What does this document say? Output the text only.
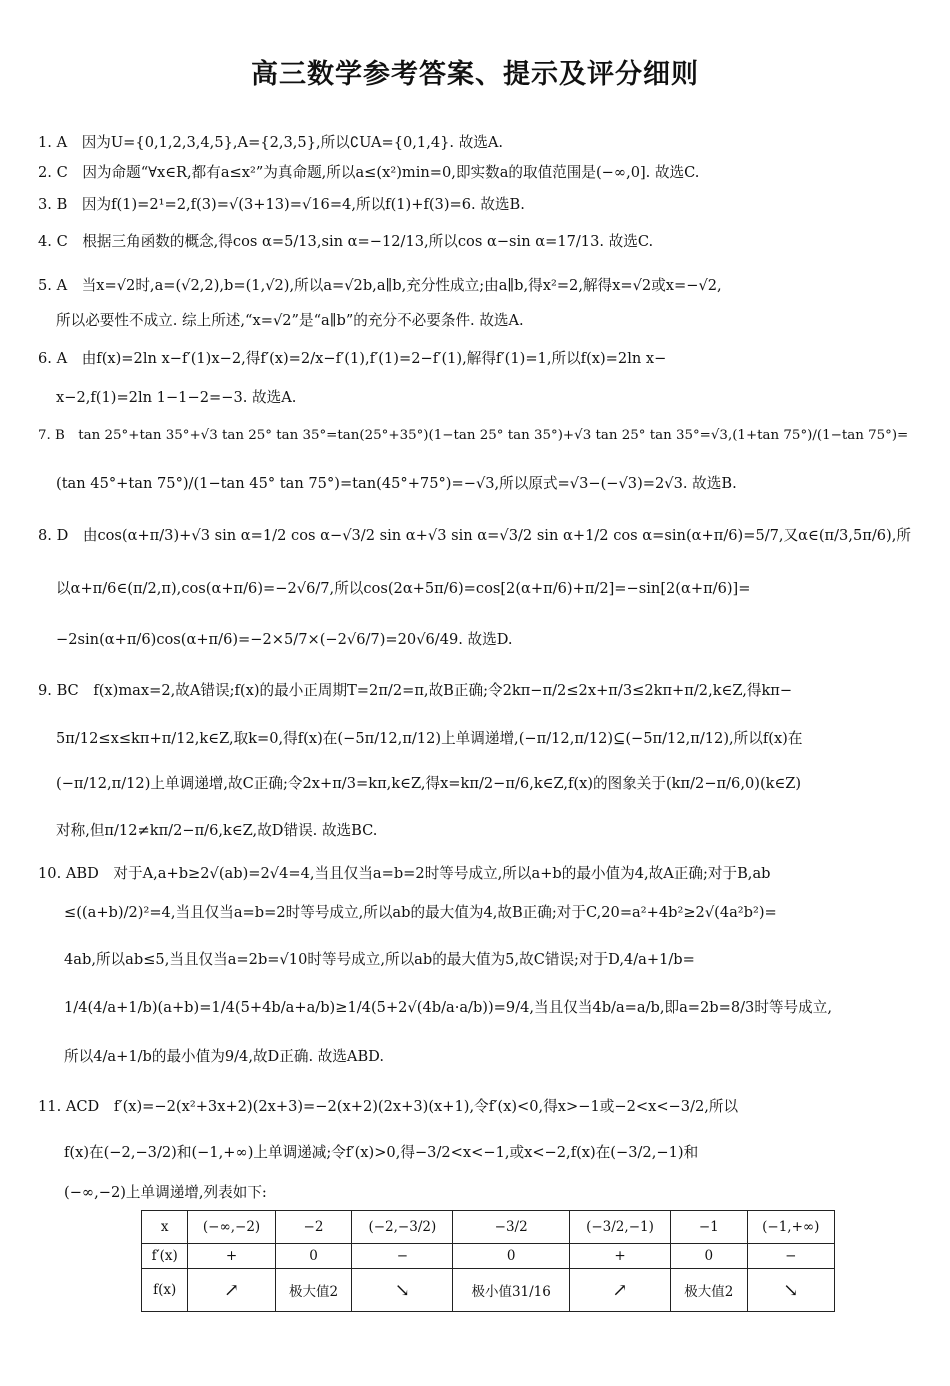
高三数学参考答案、提示及评分细则
1. A　因为U={0,1,2,3,4,5},A={2,3,5},所以∁UA={0,1,4}. 故选A.
2. C　因为命题“∀x∈R,都有a≤x²”为真命题,所以a≤(x²)min=0,即实数a的取值范围是(−∞,0]. 故选C.
3. B　因为f(1)=2¹=2,f(3)=√(3+13)=√16=4,所以f(1)+f(3)=6. 故选B.
4. C　根据三角函数的概念,得cos α=5/13,sin α=−12/13,所以cos α−sin α=17/13. 故选C.
5. A　当x=√2时,a=(√2,2),b=(1,√2),所以a=√2b,a∥b,充分性成立;由a∥b,得x²=2,解得x=√2或x=−√2,
所以必要性不成立. 综上所述,“x=√2”是“a∥b”的充分不必要条件. 故选A.
6. A　由f(x)=2ln x−f′(1)x−2,得f′(x)=2/x−f′(1),f′(1)=2−f′(1),解得f′(1)=1,所以f(x)=2ln x−
x−2,f(1)=2ln 1−1−2=−3. 故选A.
7. B　tan 25°+tan 35°+√3 tan 25° tan 35°=tan(25°+35°)(1−tan 25° tan 35°)+√3 tan 25° tan 35°=√3,(1+tan 75°)/(1−tan 75°)=
(tan 45°+tan 75°)/(1−tan 45° tan 75°)=tan(45°+75°)=−√3,所以原式=√3−(−√3)=2√3. 故选B.
8. D　由cos(α+π/3)+√3 sin α=1/2 cos α−√3/2 sin α+√3 sin α=√3/2 sin α+1/2 cos α=sin(α+π/6)=5/7,又α∈(π/3,5π/6),所
以α+π/6∈(π/2,π),cos(α+π/6)=−2√6/7,所以cos(2α+5π/6)=cos[2(α+π/6)+π/2]=−sin[2(α+π/6)]=
−2sin(α+π/6)cos(α+π/6)=−2×5/7×(−2√6/7)=20√6/49. 故选D.
9. BC　f(x)max=2,故A错误;f(x)的最小正周期T=2π/2=π,故B正确;令2kπ−π/2≤2x+π/3≤2kπ+π/2,k∈Z,得kπ−
5π/12≤x≤kπ+π/12,k∈Z,取k=0,得f(x)在(−5π/12,π/12)上单调递增,(−π/12,π/12)⊆(−5π/12,π/12),所以f(x)在
(−π/12,π/12)上单调递增,故C正确;令2x+π/3=kπ,k∈Z,得x=kπ/2−π/6,k∈Z,f(x)的图象关于(kπ/2−π/6,0)(k∈Z)
对称,但π/12≠kπ/2−π/6,k∈Z,故D错误. 故选BC.
10. ABD　对于A,a+b≥2√(ab)=2√4=4,当且仅当a=b=2时等号成立,所以a+b的最小值为4,故A正确;对于B,ab
≤((a+b)/2)²=4,当且仅当a=b=2时等号成立,所以ab的最大值为4,故B正确;对于C,20=a²+4b²≥2√(4a²b²)=
4ab,所以ab≤5,当且仅当a=2b=√10时等号成立,所以ab的最大值为5,故C错误;对于D,4/a+1/b=
1/4(4/a+1/b)(a+b)=1/4(5+4b/a+a/b)≥1/4(5+2√(4b/a·a/b))=9/4,当且仅当4b/a=a/b,即a=2b=8/3时等号成立,
所以4/a+1/b的最小值为9/4,故D正确. 故选ABD.
11. ACD　f′(x)=−2(x²+3x+2)(2x+3)=−2(x+2)(2x+3)(x+1),令f′(x)<0,得x>−1或−2<x<−3/2,所以
f(x)在(−2,−3/2)和(−1,+∞)上单调递减;令f′(x)>0,得−3/2<x<−1,或x<−2,f(x)在(−3/2,−1)和
(−∞,−2)上单调递增,列表如下:
x	(−∞,−2)	−2	(−2,−3/2)	−3/2	(−3/2,−1)	−1	(−1,+∞)
f′(x)	+	0	−	0	+	0	−
f(x)	↗	极大值2	↘	极小值31/16	↗	极大值2	↘
